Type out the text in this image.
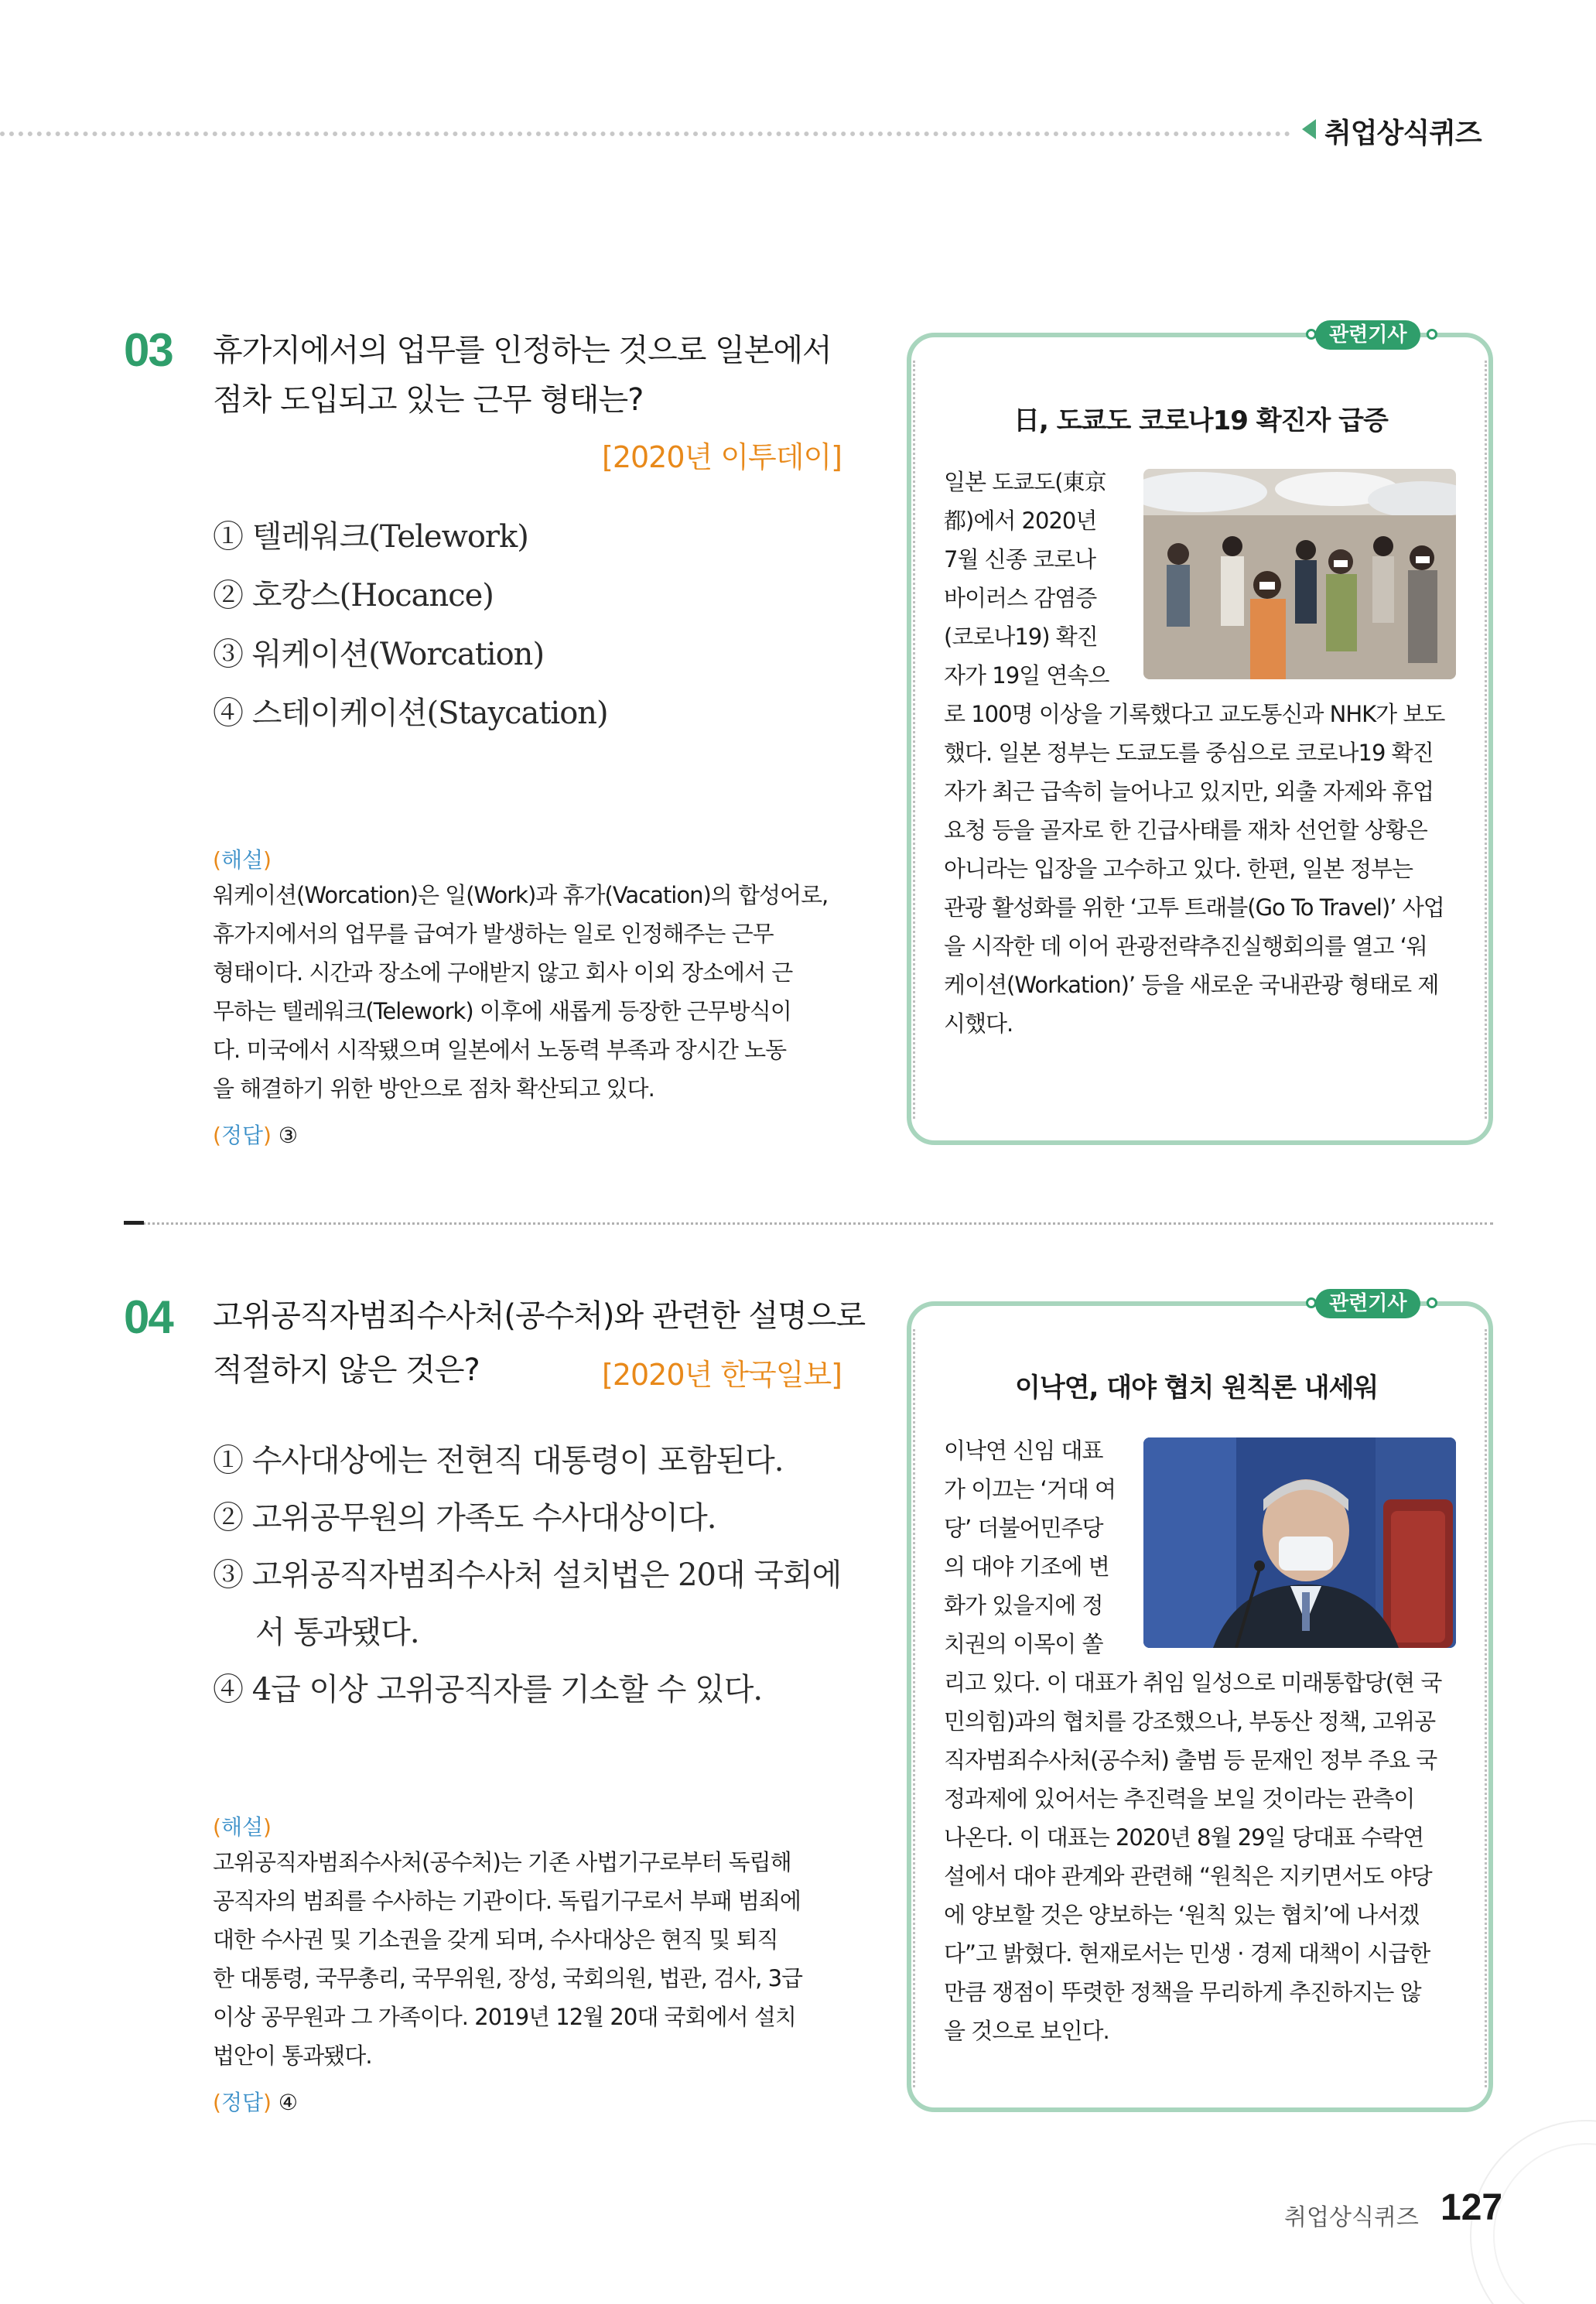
취업상식퀴즈
03 휴가지에서의 업무를 인정하는 것으로 일본에서
점차 도입되고 있는 근무 형태는?
[2020년 이투데이]
① 텔레워크(Telework)
② 호캉스(Hocance)
③ 워케이션(Worcation)
④ 스테이케이션(Staycation)
(해설)
워케이션(Worcation)은 일(Work)과 휴가(Vacation)의 합성어로,
휴가지에서의 업무를 급여가 발생하는 일로 인정해주는 근무
형태이다. 시간과 장소에 구애받지 않고 회사 이외 장소에서 근
무하는 텔레워크(Telework) 이후에 새롭게 등장한 근무방식이
다. 미국에서 시작됐으며 일본에서 노동력 부족과 장시간 노동
을 해결하기 위한 방안으로 점차 확산되고 있다.
(정답) ③
관련기사
日, 도쿄도 코로나19 확진자 급증
일본 도쿄도(東京
都)에서 2020년
7월 신종 코로나
바이러스 감염증
(코로나19) 확진
자가 19일 연속으
로 100명 이상을 기록했다고 교도통신과 NHK가 보도
했다. 일본 정부는 도쿄도를 중심으로 코로나19 확진
자가 최근 급속히 늘어나고 있지만, 외출 자제와 휴업
요청 등을 골자로 한 긴급사태를 재차 선언할 상황은
아니라는 입장을 고수하고 있다. 한편, 일본 정부는
관광 활성화를 위한 ‘고투 트래블(Go To Travel)’ 사업
을 시작한 데 이어 관광전략추진실행회의를 열고 ‘워
케이션(Workation)’ 등을 새로운 국내관광 형태로 제
시했다.
04 고위공직자범죄수사처(공수처)와 관련한 설명으로
적절하지 않은 것은?	[2020년 한국일보]
① 수사대상에는 전현직 대통령이 포함된다.
② 고위공무원의 가족도 수사대상이다.
③ 고위공직자범죄수사처 설치법은 20대 국회에
서 통과됐다.
④ 4급 이상 고위공직자를 기소할 수 있다.
(해설)
고위공직자범죄수사처(공수처)는 기존 사법기구로부터 독립해
공직자의 범죄를 수사하는 기관이다. 독립기구로서 부패 범죄에
대한 수사권 및 기소권을 갖게 되며, 수사대상은 현직 및 퇴직
한 대통령, 국무총리, 국무위원, 장성, 국회의원, 법관, 검사, 3급
이상 공무원과 그 가족이다. 2019년 12월 20대 국회에서 설치
법안이 통과됐다.
(정답) ④
관련기사
이낙연, 대야 협치 원칙론 내세워
이낙연 신임 대표
가 이끄는 ‘거대 여
당’ 더불어민주당
의 대야 기조에 변
화가 있을지에 정
치권의 이목이 쏠
리고 있다. 이 대표가 취임 일성으로 미래통합당(현 국
민의힘)과의 협치를 강조했으나, 부동산 정책, 고위공
직자범죄수사처(공수처) 출범 등 문재인 정부 주요 국
정과제에 있어서는 추진력을 보일 것이라는 관측이
나온다. 이 대표는 2020년 8월 29일 당대표 수락연
설에서 대야 관계와 관련해 “원칙은 지키면서도 야당
에 양보할 것은 양보하는 ‘원칙 있는 협치’에 나서겠
다”고 밝혔다. 현재로서는 민생 · 경제 대책이 시급한
만큼 쟁점이 뚜렷한 정책을 무리하게 추진하지는 않
을 것으로 보인다.
취업상식퀴즈 127
